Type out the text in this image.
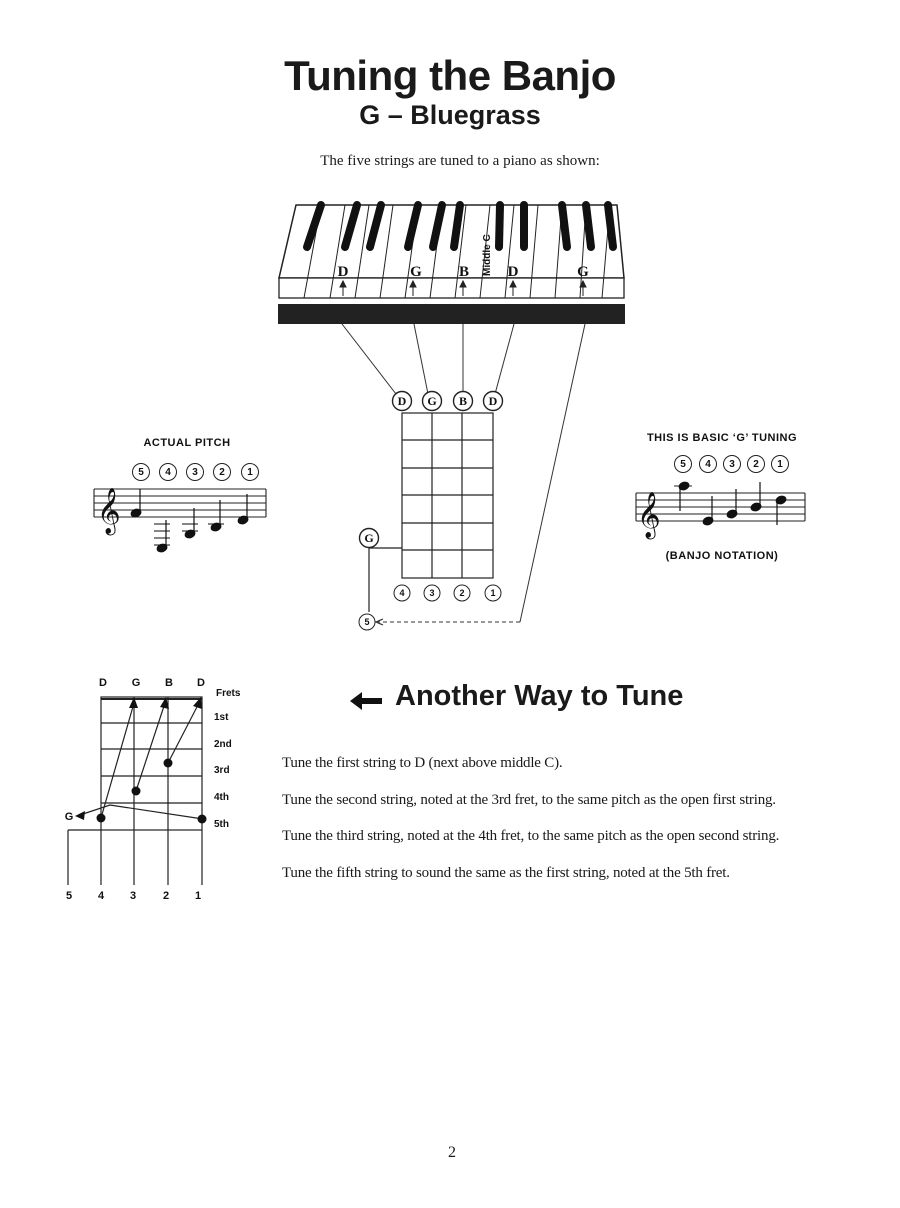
Tuning the Banjo
G – Bluegrass
The five strings are tuned to a piano as shown:
D	G B	D	G
Middle C
D G B D
G
4	3	2	1
5
ACTUAL PITCH
5 4 3 2 1
𝄞
THIS IS BASIC ‘G’ TUNING
5 4 3 2 1
𝄞
(BANJO NOTATION)
D G B D
G
5 4 3 2 1
Frets
1st
2nd
3rd
4th
5th
Another Way to Tune
Tune the first string to D (next above middle C).
Tune the second string, noted at the 3rd fret, to the same pitch as the open first string.
Tune the third string, noted at the 4th fret, to the same pitch as the open second string.
Tune the fifth string to sound the same as the first string, noted at the 5th fret.
2
